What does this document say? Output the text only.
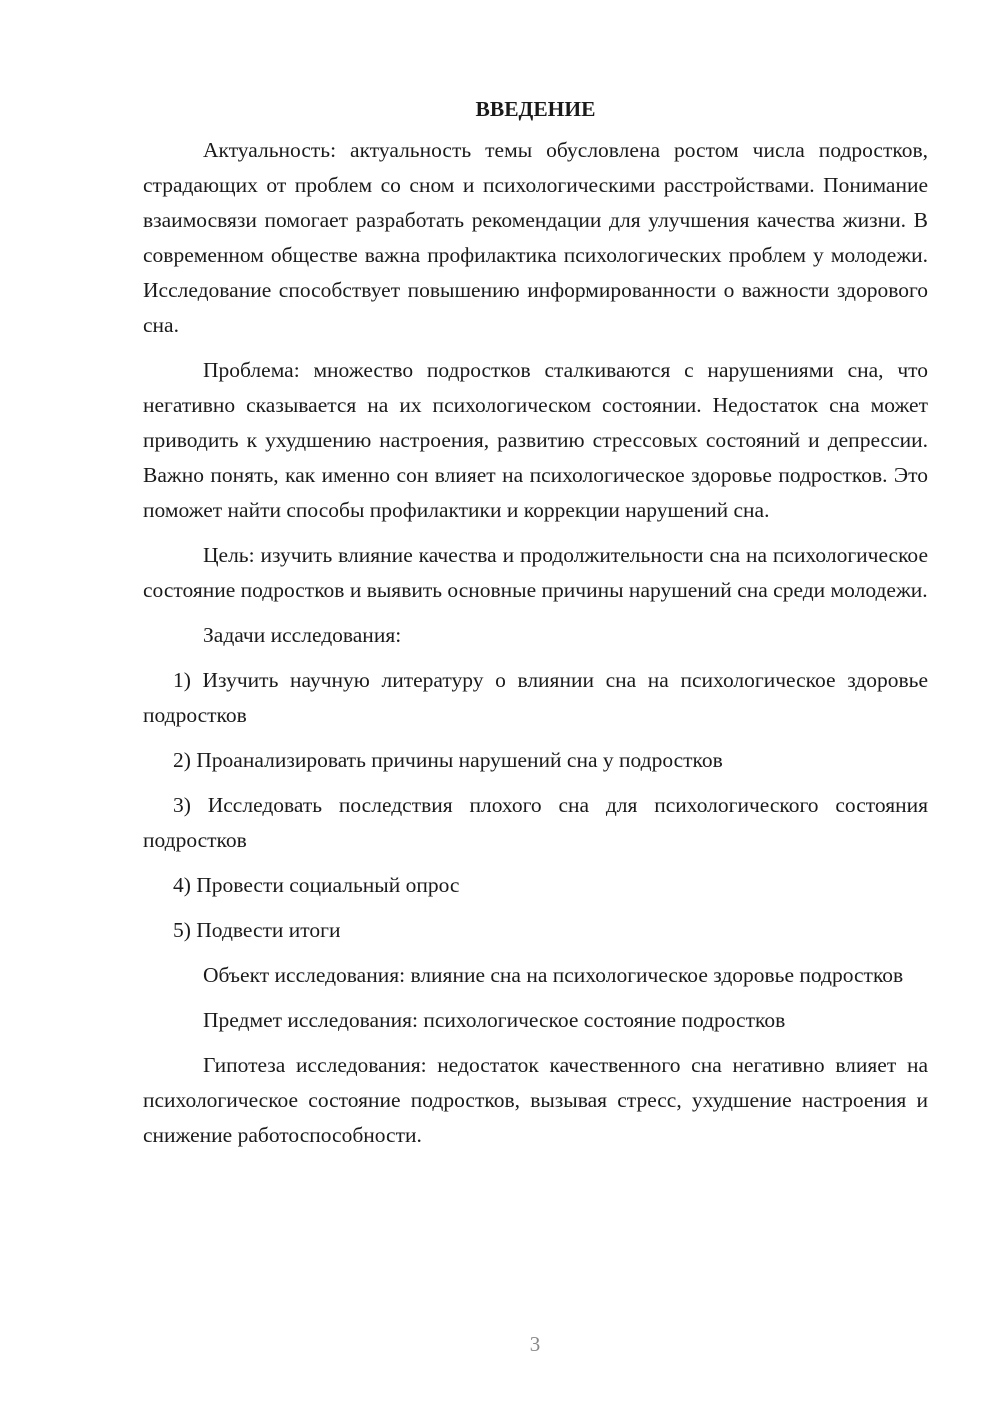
ВВЕДЕНИЕ

Актуальность: актуальность темы обусловлена ростом числа подростков, страдающих от проблем со сном и психологическими расстройствами. Понимание взаимосвязи помогает разработать рекомендации для улучшения качества жизни. В современном обществе важна профилактика психологических проблем у молодежи. Исследование способствует повышению информированности о важности здорового сна.

Проблема: множество подростков сталкиваются с нарушениями сна, что негативно сказывается на их психологическом состоянии. Недостаток сна может приводить к ухудшению настроения, развитию стрессовых состояний и депрессии. Важно понять, как именно сон влияет на психологическое здоровье подростков. Это поможет найти способы профилактики и коррекции нарушений сна.

Цель: изучить влияние качества и продолжительности сна на психологическое состояние подростков и выявить основные причины нарушений сна среди молодежи.

Задачи исследования:

1) Изучить научную литературу о влиянии сна на психологическое здоровье подростков

2) Проанализировать причины нарушений сна у подростков

3) Исследовать последствия плохого сна для психологического состояния подростков

4) Провести социальный опрос

5) Подвести итоги

Объект исследования: влияние сна на психологическое здоровье подростков

Предмет исследования: психологическое состояние подростков

Гипотеза исследования: недостаток качественного сна негативно влияет на психологическое состояние подростков, вызывая стресс, ухудшение настроения и снижение работоспособности.

3
